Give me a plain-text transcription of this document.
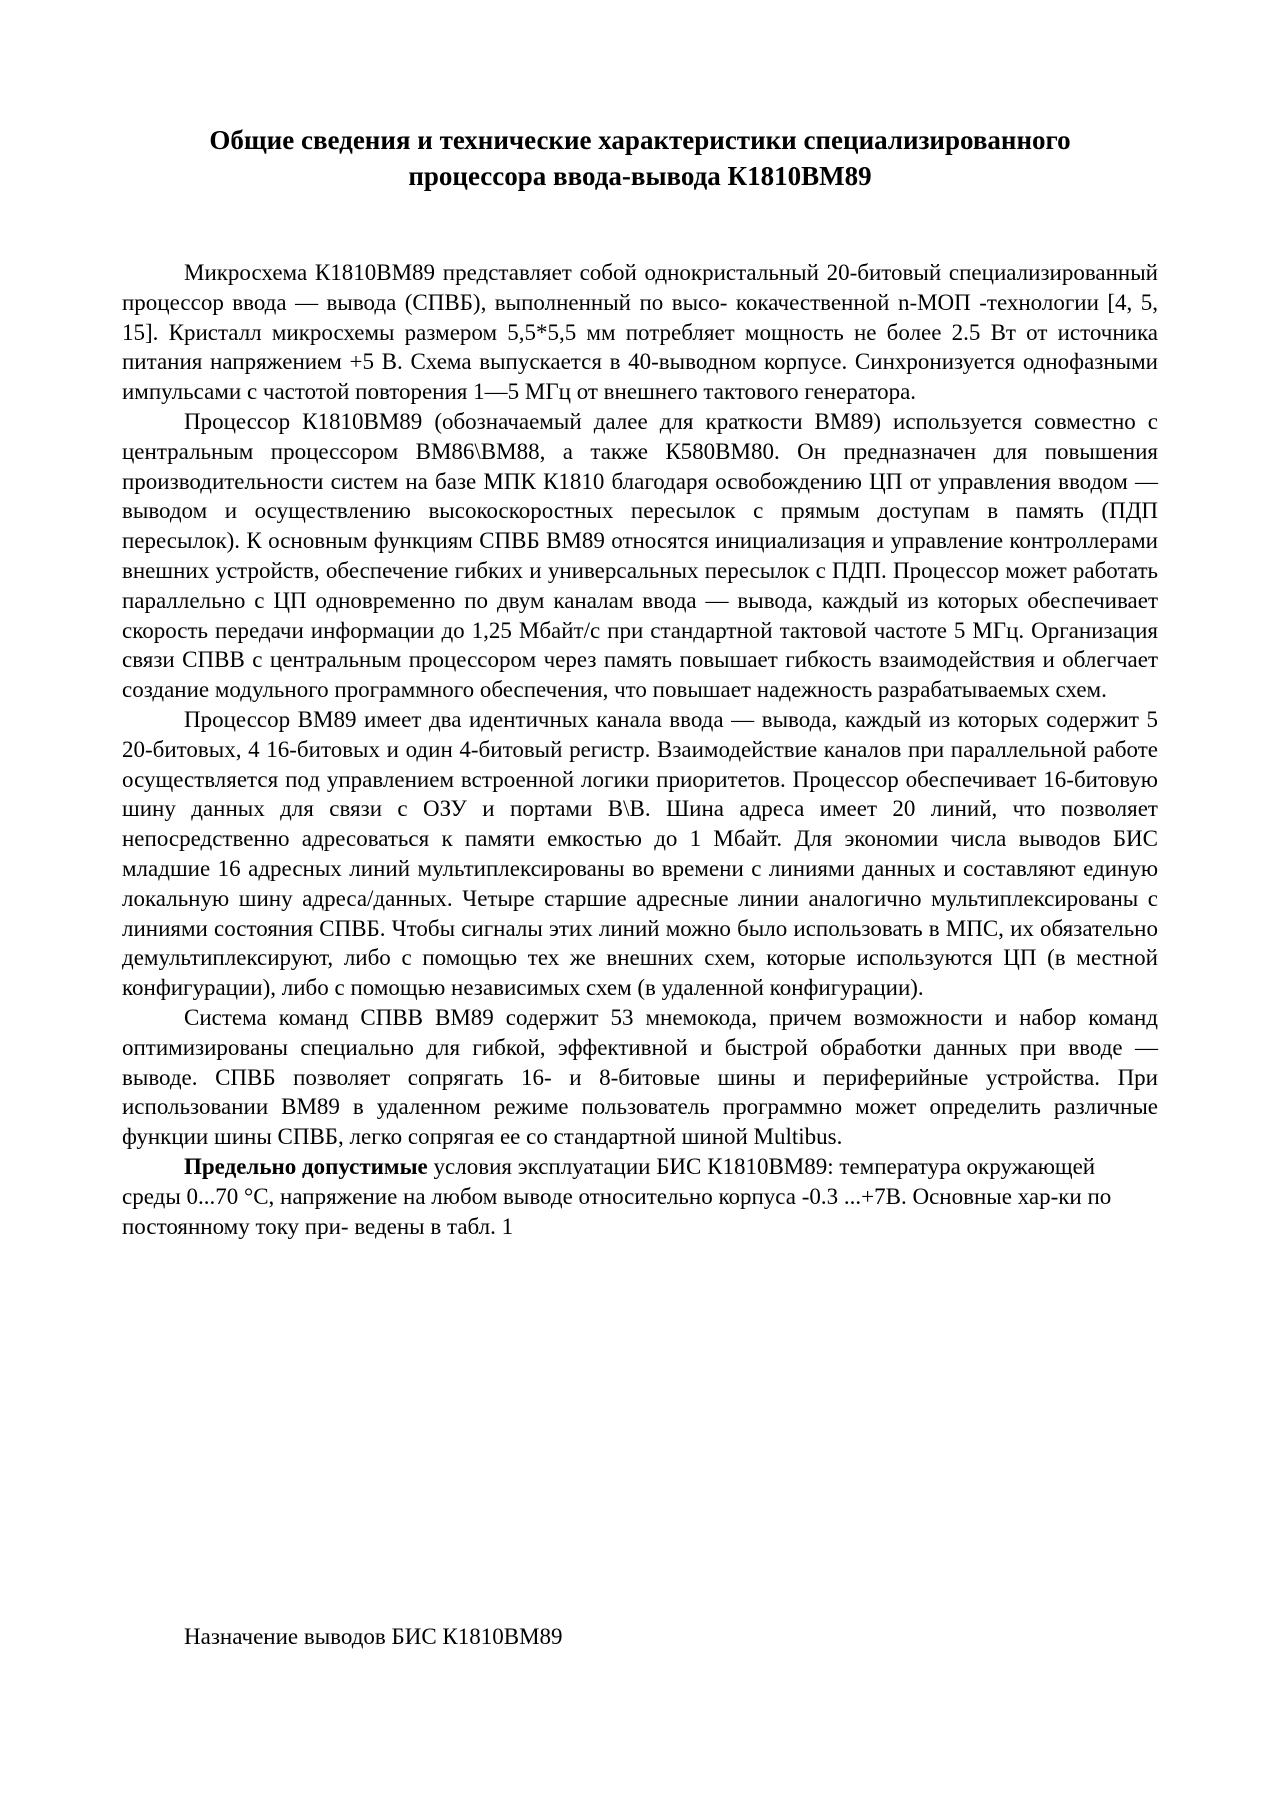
Общие сведения и технические характеристики специализированного
процессора ввода-вывода К1810ВМ89

Микросхема К1810ВМ89 представляет собой однокристальный 20-битовый специализированный процессор ввода — вывода (СПВБ), выполненный по высо- кокачественной n-МОП -технологии [4, 5, 15]. Кристалл микросхемы размером 5,5*5,5 мм потребляет мощность не более 2.5 Вт от источника питания напряжением +5 В. Схема выпускается в 40-выводном корпусе. Синхронизуется однофазными импульсами с частотой повторения 1—5 МГц от внешнего тактового генератора.

Процессор К1810ВМ89 (обозначаемый далее для краткости ВМ89) используется совместно с центральным процессором ВМ86\ВМ88, а также К580ВМ80. Он предназначен для повышения производительности систем на базе МПК К1810 благодаря освобождению ЦП от управления вводом — выводом и осуществлению высокоскоростных пересылок с прямым доступам в память (ПДП пересылок). К основным функциям СПВБ ВМ89 относятся инициализация и управление контроллерами внешних устройств, обеспечение гибких и универсальных пересылок с ПДП. Процессор может работать параллельно с ЦП одновременно по двум каналам ввода — вывода, каждый из которых обеспечивает скорость передачи информации до 1,25 Мбайт/с при стандартной тактовой частоте 5 МГц. Организация связи СПВВ с центральным процессором через память повышает гибкость взаимодействия и облегчает создание модульного программного обеспечения, что повышает надежность разрабатываемых схем.

Процессор ВМ89 имеет два идентичных канала ввода — вывода, каждый из которых содержит 5 20-битовых, 4 16-битовых и один 4-битовый регистр. Взаимодействие каналов при параллельной работе осуществляется под управлением встроенной логики приоритетов. Процессор обеспечивает 16-битовую шину данных для связи с ОЗУ и портами В\В. Шина адреса имеет 20 линий, что позволяет непосредственно адресоваться к памяти емкостью до 1 Мбайт. Для экономии числа выводов БИС младшие 16 адресных линий мультиплексированы во времени с линиями данных и составляют единую локальную шину адреса/данных. Четыре старшие адресные линии аналогично мультиплексированы с линиями состояния СПВБ. Чтобы сигналы этих линий можно было использовать в МПС, их обязательно демультиплексируют, либо с помощью тех же внешних схем, которые используются ЦП (в местной конфигурации), либо с помощью независимых схем (в удаленной конфигурации).

Система команд СПВВ ВМ89 содержит 53 мнемокода, причем возможности и набор команд оптимизированы специально для гибкой, эффективной и быстрой обработки данных при вводе — выводе. СПВБ позволяет сопрягать 16- и 8-битовые шины и периферийные устройства. При использовании ВМ89 в удаленном режиме пользователь программно может определить различные функции шины СПВБ, легко сопрягая ее со стандартной шиной Multibus.

Предельно допустимые условия эксплуатации БИС К1810ВМ89: температура окружающей среды 0...70 °С, напряжение на любом выводе относительно корпуса -0.3 ...+7В. Основные хар-ки по постоянному току при- ведены в табл. 1

Назначение выводов БИС К1810ВМ89
